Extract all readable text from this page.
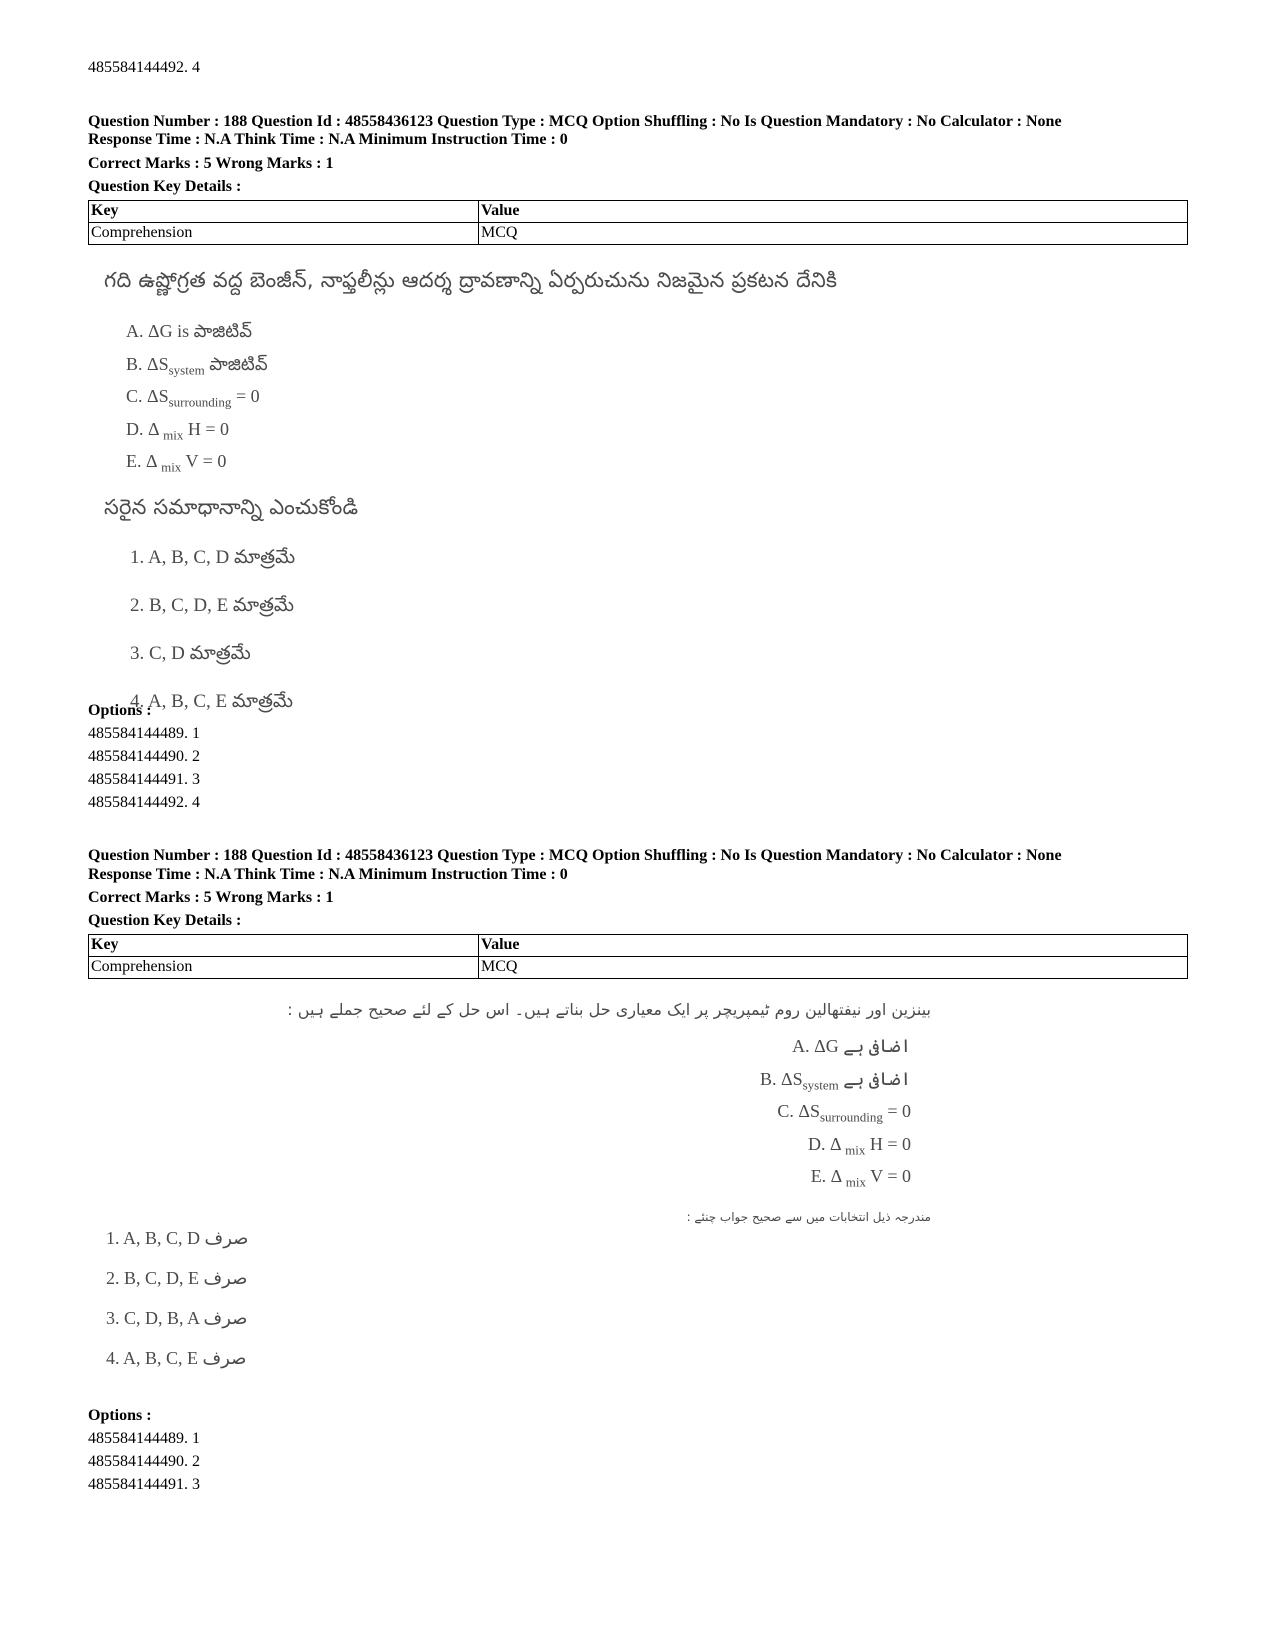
485584144492. 4
Question Number : 188 Question Id : 48558436123 Question Type : MCQ Option Shuffling : No Is Question Mandatory : No Calculator : None
Response Time : N.A Think Time : N.A Minimum Instruction Time : 0
Correct Marks : 5 Wrong Marks : 1
Question Key Details :
Key	Value
Comprehension	MCQ
గది ఉష్ణోగ్రత వద్ద బెంజీన్, నాఫ్తలీన్లు ఆదర్శ ద్రావణాన్ని ఏర్పరుచును నిజమైన ప్రకటన దేనికి
A. ΔG is పాజిటివ్
B. $\Delta S_{system}$ పాజిటివ్
C. $\Delta S_{surrounding} = 0$
D. Δ $_{mix}$ H = 0
E. Δ $_{mix}$ V = 0
సరైన సమాధానాన్ని ఎంచుకోండి
1. A, B, C, D మాత్రమే
2. B, C, D, E మాత్రమే
3. C, D మాత్రమే
4. A, B, C, E మాత్రమే
Options :
485584144489. 1
485584144490. 2
485584144491. 3
485584144492. 4
Question Number : 188 Question Id : 48558436123 Question Type : MCQ Option Shuffling : No Is Question Mandatory : No Calculator : None
Response Time : N.A Think Time : N.A Minimum Instruction Time : 0
Correct Marks : 5 Wrong Marks : 1
Question Key Details :
Key	Value
Comprehension	MCQ
بینزین اور نیفتھالین روم ٹیمپریچر پر ایک معیاری حل بناتے ہیں۔ اس حل کے لئے صحیح جملے ہیں :
A. ΔG اضافی ہے
B. $\Delta S_{system}$ اضافی ہے
C. $\Delta S_{surrounding} = 0$
D. Δ $_{mix}$ H = 0
E. Δ $_{mix}$ V = 0
مندرجہ ذیل انتخابات میں سے صحیح جواب چنئے :
1. A, B, C, D صرف
2. B, C, D, E صرف
3. C, D, B, A صرف
4. A, B, C, E صرف
Options :
485584144489. 1
485584144490. 2
485584144491. 3
